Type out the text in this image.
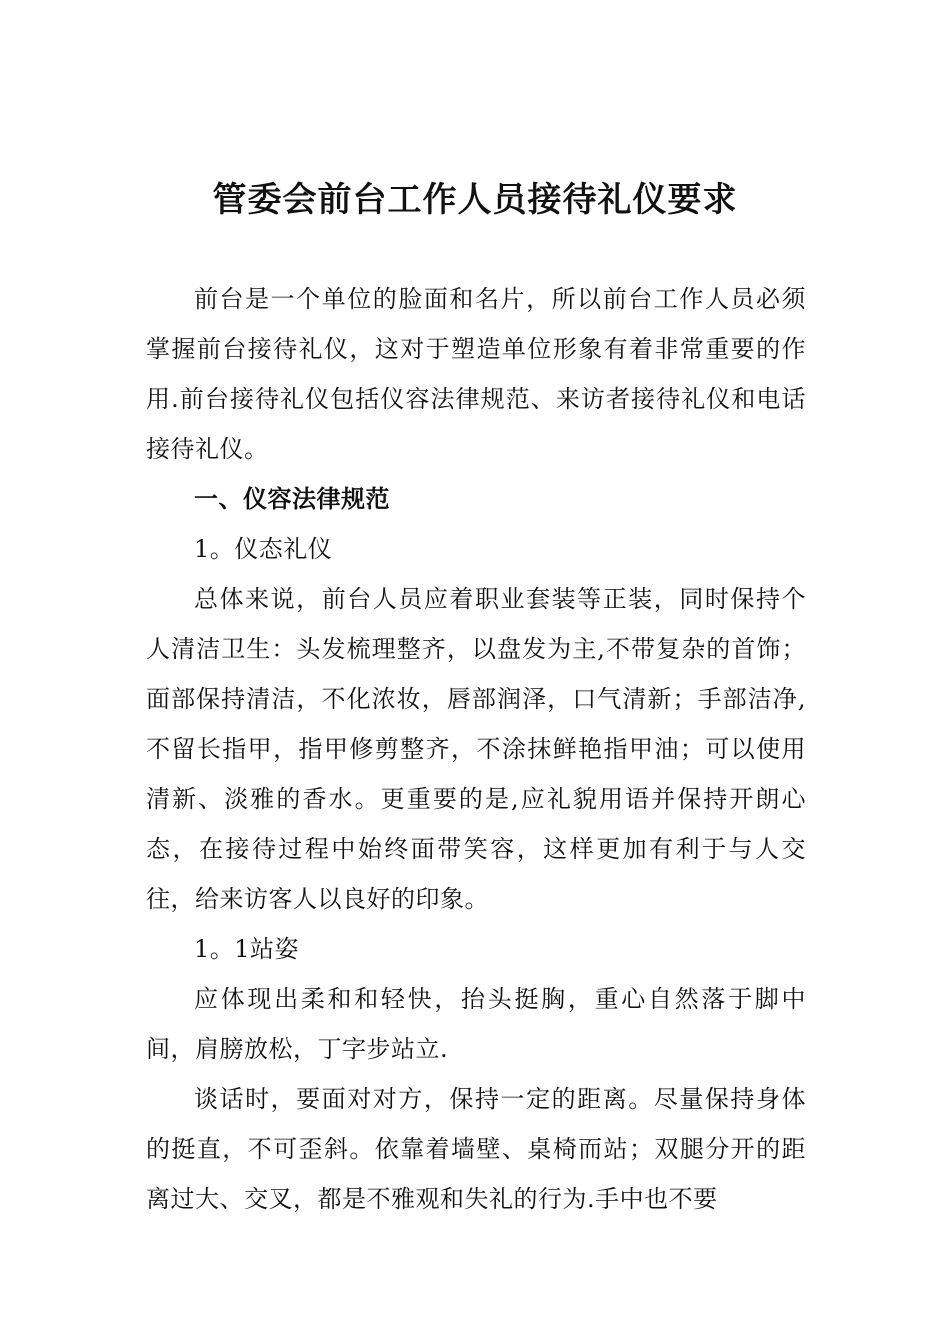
管委会前台工作人员接待礼仪要求

前台是一个单位的脸面和名片，所以前台工作人员必须掌握前台接待礼仪，这对于塑造单位形象有着非常重要的作用.前台接待礼仪包括仪容法律规范、来访者接待礼仪和电话接待礼仪。

一、仪容法律规范

1。仪态礼仪

总体来说，前台人员应着职业套装等正装，同时保持个人清洁卫生：头发梳理整齐，以盘发为主,不带复杂的首饰；面部保持清洁，不化浓妆，唇部润泽，口气清新；手部洁净,不留长指甲，指甲修剪整齐，不涂抹鲜艳指甲油；可以使用清新、淡雅的香水。更重要的是,应礼貌用语并保持开朗心态，在接待过程中始终面带笑容，这样更加有利于与人交往，给来访客人以良好的印象。

1。1站姿

应体现出柔和和轻快，抬头挺胸，重心自然落于脚中间，肩膀放松，丁字步站立.

谈话时，要面对对方，保持一定的距离。尽量保持身体的挺直，不可歪斜。依靠着墙壁、桌椅而站；双腿分开的距离过大、交叉，都是不雅观和失礼的行为.手中也不要
